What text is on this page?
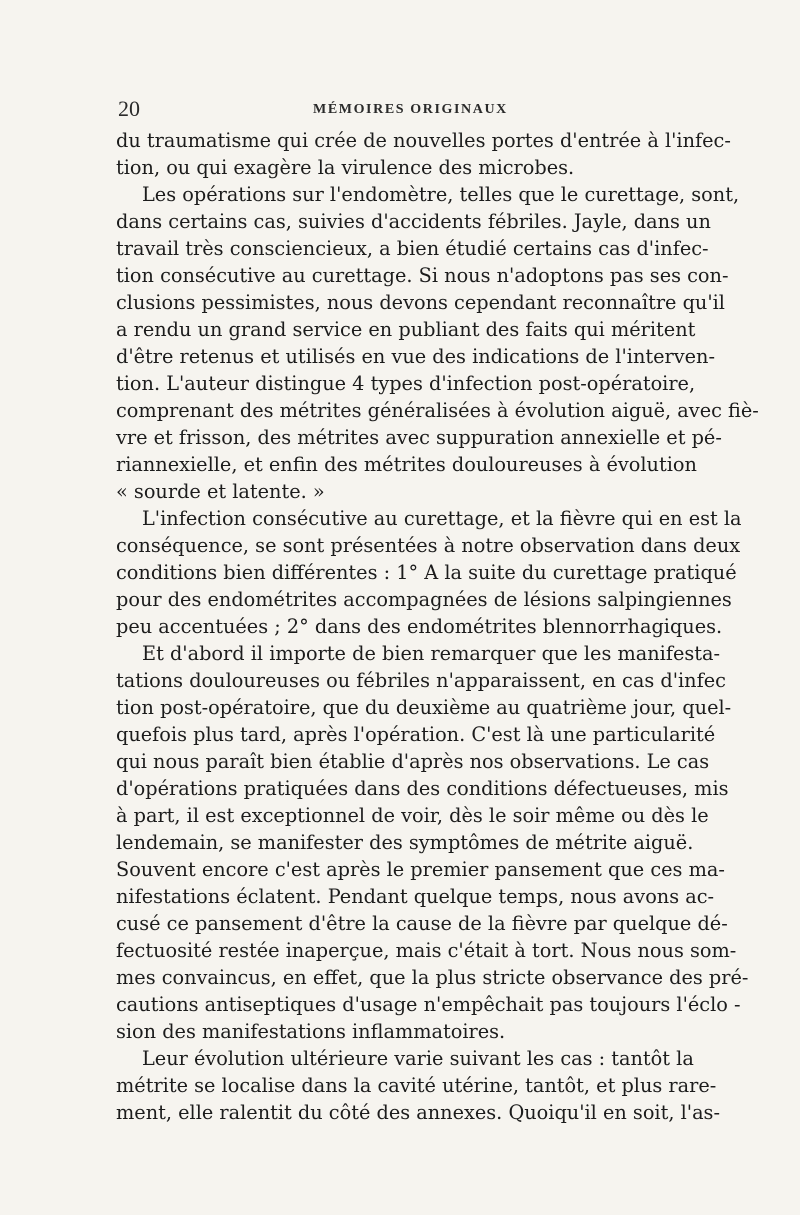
20	MÉMOIRES ORIGINAUX

du traumatisme qui crée de nouvelles portes d'entrée à l'infec-
tion, ou qui exagère la virulence des microbes.

Les opérations sur l'endomètre, telles que le curettage, sont,
dans certains cas, suivies d'accidents fébriles. Jayle, dans un
travail très consciencieux, a bien étudié certains cas d'infec-
tion consécutive au curettage. Si nous n'adoptons pas ses con-
clusions pessimistes, nous devons cependant reconnaître qu'il
a rendu un grand service en publiant des faits qui méritent
d'être retenus et utilisés en vue des indications de l'interven-
tion. L'auteur distingue 4 types d'infection post-opératoire,
comprenant des métrites généralisées à évolution aiguë, avec fiè-
vre et frisson, des métrites avec suppuration annexielle et pé-
riannexielle, et enfin des métrites douloureuses à évolution
« sourde et latente. »

L'infection consécutive au curettage, et la fièvre qui en est la
conséquence, se sont présentées à notre observation dans deux
conditions bien différentes : 1° A la suite du curettage pratiqué
pour des endométrites accompagnées de lésions salpingiennes
peu accentuées ; 2° dans des endométrites blennorrhagiques.

Et d'abord il importe de bien remarquer que les manifesta-
tations douloureuses ou fébriles n'apparaissent, en cas d'infec
tion post-opératoire, que du deuxième au quatrième jour, quel-
quefois plus tard, après l'opération. C'est là une particularité
qui nous paraît bien établie d'après nos observations. Le cas
d'opérations pratiquées dans des conditions défectueuses, mis
à part, il est exceptionnel de voir, dès le soir même ou dès le
lendemain, se manifester des symptômes de métrite aiguë.
Souvent encore c'est après le premier pansement que ces ma-
nifestations éclatent. Pendant quelque temps, nous avons ac-
cusé ce pansement d'être la cause de la fièvre par quelque dé-
fectuosité restée inaperçue, mais c'était à tort. Nous nous som-
mes convaincus, en effet, que la plus stricte observance des pré-
cautions antiseptiques d'usage n'empêchait pas toujours l'éclo -
sion des manifestations inflammatoires.

Leur évolution ultérieure varie suivant les cas : tantôt la
métrite se localise dans la cavité utérine, tantôt, et plus rare-
ment, elle ralentit du côté des annexes. Quoiqu'il en soit, l'as-
